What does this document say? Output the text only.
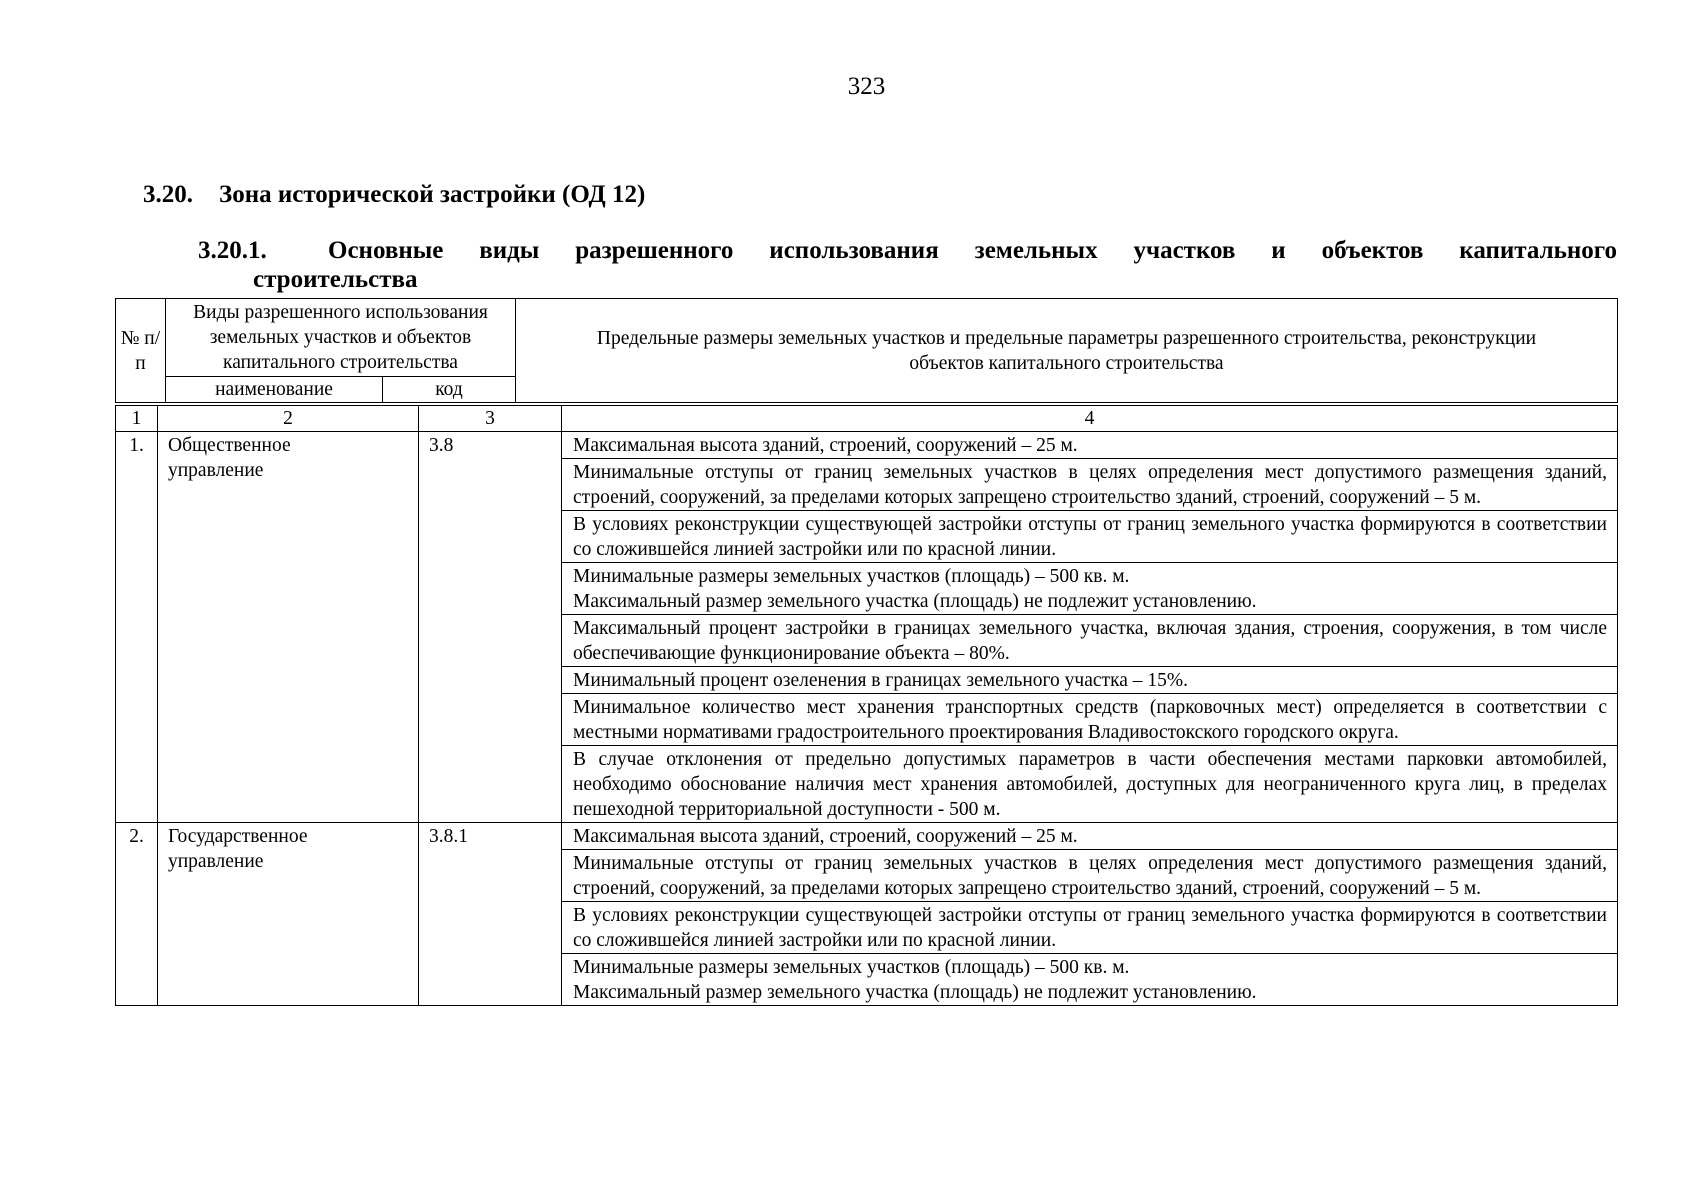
323
3.20. Зона исторической застройки (ОД 12)
3.20.1. Основные виды разрешенного использования земельных участков и объектов капитального
строительства
№ п/п	Виды разрешенного использования земельных участков и объектов капитального строительства		Предельные размеры земельных участков и предельные параметры разрешенного строительства, реконструкции объектов капитального строительства
	наименование	код	
1	2	3	4
1.	Общественное управление	3.8	Максимальная высота зданий, строений, сооружений – 25 м.
			Минимальные отступы от границ земельных участков в целях определения мест допустимого размещения зданий, строений, сооружений, за пределами которых запрещено строительство зданий, строений, сооружений – 5 м.
			В условиях реконструкции существующей застройки отступы от границ земельного участка формируются в соответствии со сложившейся линией застройки или по красной линии.
			Минимальные размеры земельных участков (площадь) – 500 кв. м.
Максимальный размер земельного участка (площадь) не подлежит установлению.
			Максимальный процент застройки в границах земельного участка, включая здания, строения, сооружения, в том числе обеспечивающие функционирование объекта – 80%.
			Минимальный процент озеленения в границах земельного участка – 15%.
			Минимальное количество мест хранения транспортных средств (парковочных мест) определяется в соответствии с местными нормативами градостроительного проектирования Владивостокского городского округа.
			В случае отклонения от предельно допустимых параметров в части обеспечения местами парковки автомобилей, необходимо обоснование наличия мест хранения автомобилей, доступных для неограниченного круга лиц, в пределах пешеходной территориальной доступности - 500 м.
2.	Государственное управление	3.8.1	Максимальная высота зданий, строений, сооружений – 25 м.
			Минимальные отступы от границ земельных участков в целях определения мест допустимого размещения зданий, строений, сооружений, за пределами которых запрещено строительство зданий, строений, сооружений – 5 м.
			В условиях реконструкции существующей застройки отступы от границ земельного участка формируются в соответствии со сложившейся линией застройки или по красной линии.
			Минимальные размеры земельных участков (площадь) – 500 кв. м.
Максимальный размер земельного участка (площадь) не подлежит установлению.
